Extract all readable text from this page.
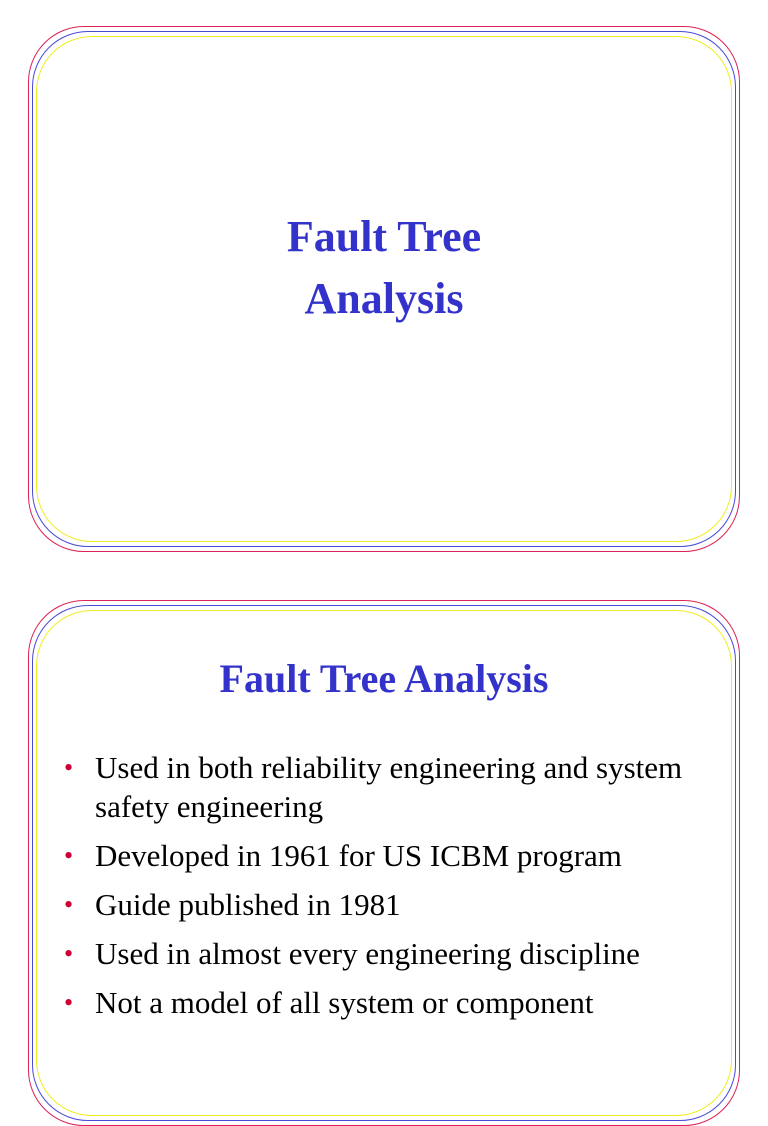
Fault Tree
Analysis
Fault Tree Analysis
• Used in both reliability engineering and system safety engineering
• Developed in 1961 for US ICBM program
• Guide published in 1981
• Used in almost every engineering discipline
• Not a model of all system or component
